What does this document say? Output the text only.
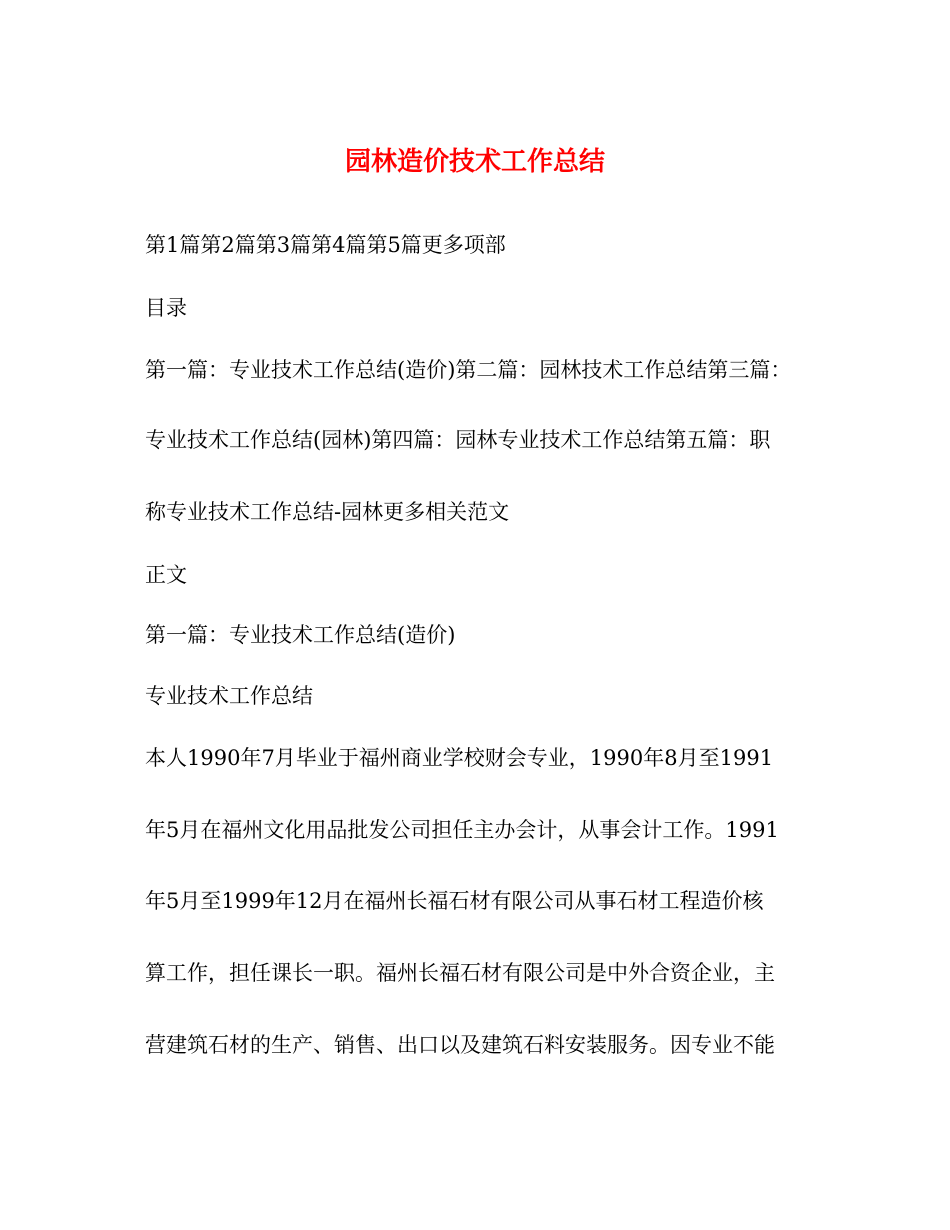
园林造价技术工作总结
第1篇第2篇第3篇第4篇第5篇更多项部
目录
第一篇：专业技术工作总结(造价)第二篇：园林技术工作总结第三篇：
专业技术工作总结(园林)第四篇：园林专业技术工作总结第五篇：职
称专业技术工作总结-园林更多相关范文
正文
第一篇：专业技术工作总结(造价)
专业技术工作总结
本人1990年7月毕业于福州商业学校财会专业，1990年8月至1991
年5月在福州文化用品批发公司担任主办会计，从事会计工作。1991
年5月至1999年12月在福州长福石材有限公司从事石材工程造价核
算工作，担任课长一职。福州长福石材有限公司是中外合资企业，主
营建筑石材的生产、销售、出口以及建筑石料安装服务。因专业不能
